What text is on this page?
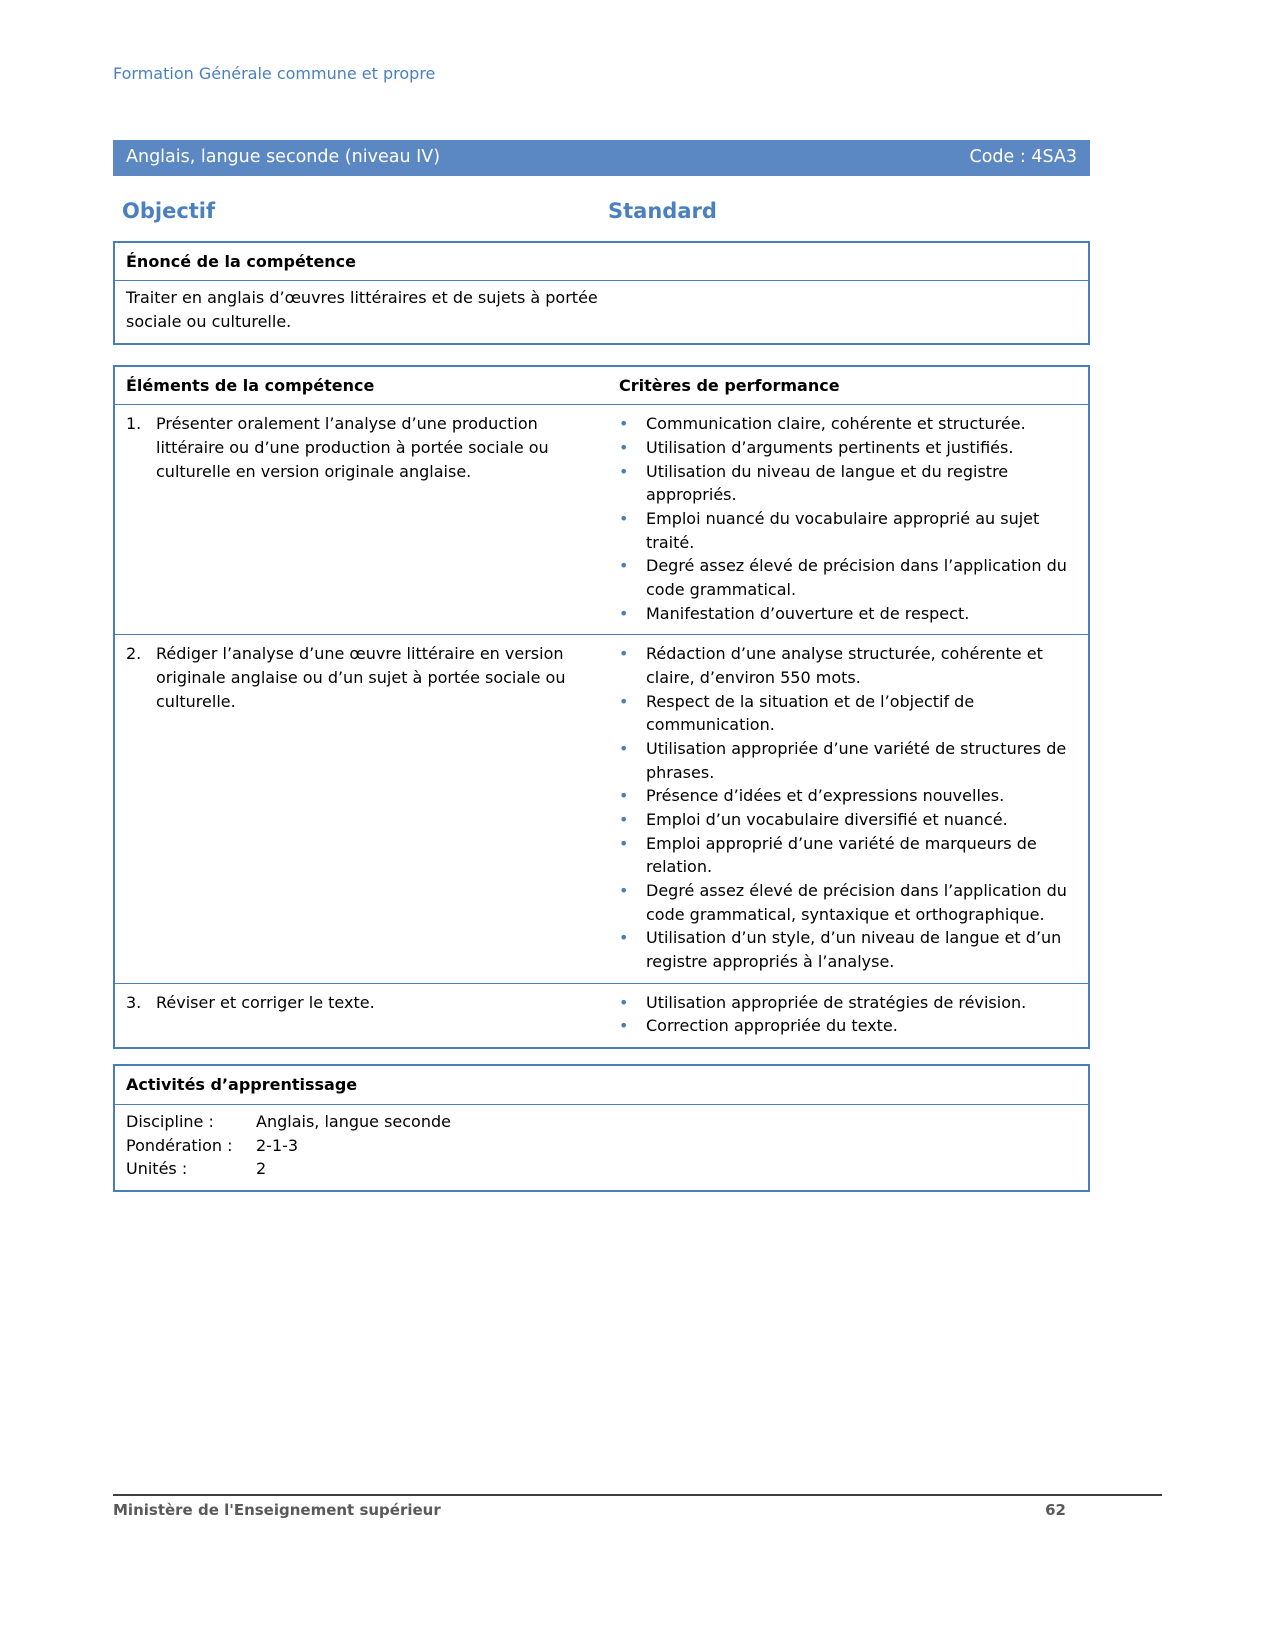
Formation Générale commune et propre
Anglais, langue seconde (niveau IV)	Code : 4SA3
Objectif	Standard
Énoncé de la compétence
Traiter en anglais d’œuvres littéraires et de sujets à portée sociale ou culturelle.
Éléments de la compétence	Critères de performance
1. Présenter oralement l’analyse d’une production littéraire ou d’une production à portée sociale ou culturelle en version originale anglaise.
•	Communication claire, cohérente et structurée.
•	Utilisation d’arguments pertinents et justifiés.
•	Utilisation du niveau de langue et du registre appropriés.
•	Emploi nuancé du vocabulaire approprié au sujet traité.
•	Degré assez élevé de précision dans l’application du code grammatical.
•	Manifestation d’ouverture et de respect.
2. Rédiger l’analyse d’une œuvre littéraire en version originale anglaise ou d’un sujet à portée sociale ou culturelle.
•	Rédaction d’une analyse structurée, cohérente et claire, d’environ 550 mots.
•	Respect de la situation et de l’objectif de communication.
•	Utilisation appropriée d’une variété de structures de phrases.
•	Présence d’idées et d’expressions nouvelles.
•	Emploi d’un vocabulaire diversifié et nuancé.
•	Emploi approprié d’une variété de marqueurs de relation.
•	Degré assez élevé de précision dans l’application du code grammatical, syntaxique et orthographique.
•	Utilisation d’un style, d’un niveau de langue et d’un registre appropriés à l’analyse.
3. Réviser et corriger le texte.	•	Utilisation appropriée de stratégies de révision.
•	Correction appropriée du texte.
Activités d’apprentissage
Discipline :	Anglais, langue seconde
Pondération :	2-1-3
Unités :	2
Ministère de l'Enseignement supérieur	62
